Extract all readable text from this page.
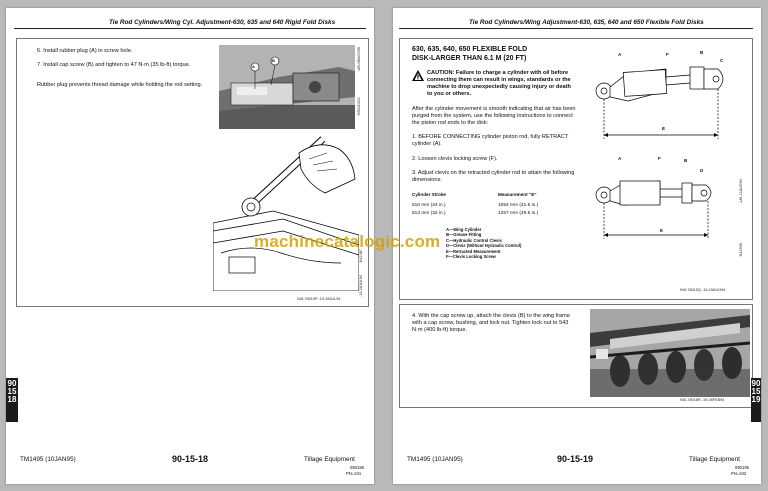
Tie Rod Cylinders/Wing Cyl. Adjustment-630, 635 and 640 Rigid Fold Disks
6. Install rubber plug (A) in screw hole.
7. Install cap screw (B) and tighten to 47 N·m (35 lb-ft) torque.
Rubber plug prevents thread damage while holding the rod setting.
A
B
H85322O1
-UN-06NOV95
N41087
-19-26JUL94
NXL78019P -19-28JUL94
90
15
18
TM1495 (10JAN95)	90-15-18	Tillage Equipment
090195
PN=341
Tie Rod Cylinders/Wing Adjustment-630, 635, 640 and 650 Flexible Fold Disks
630, 635, 640, 650 FLEXIBLE FOLD
DISK-LARGER THAN 6.1 M (20 FT)
CAUTION: Failure to charge a cylinder with oil before connecting them can result in wings, standards or the machine to drop unexpectedly causing injury or death to you or others.
After the cylinder movement is smooth indicating that air has been purged from the system, use the following instructions to connect the piston rod ends to the disk:
1. BEFORE CONNECTING cylinder piston rod, fully RETRACT cylinder (A).
2. Loosen clevis locking screw (F).
3. Adjust clevis on the retracted cylinder rod to attain the following dimensions:
Cylinder Stroke	Measurement “E”
610 mm (24 in.)	1054 mm (41.5 in.)
813 mm (32 in.)	1257 mm (49.5 in.)
A—Wing Cylinder
B—Grease Fitting
C—Hydraulic Control Clevis
D—Clevis (Without Hydraulic Control)
E—Retracted Measurement
F—Clevis Locking Screw
A	F	B
C
E
A	F	B
D
E
-UN-11AUG94
N42905
NXL78015Q -19-15AUG94
4. With the cap screw up, attach the clevis (B) to the wing frame with a cap screw, bushing, and lock nut. Tighten lock nut to 543 N·m (400 lb-ft) torque.
NXL78018R -19-08FEB94
90
15
19
TM1495 (10JAN95)	90-15-19	Tillage Equipment
090195
PN=342
machinecatalogic.com
